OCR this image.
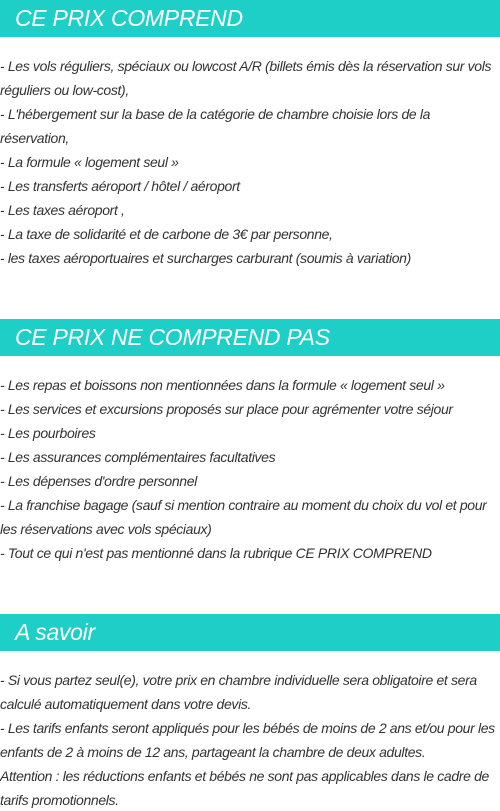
CE PRIX COMPREND
- Les vols réguliers, spéciaux ou lowcost A/R (billets émis dès la réservation sur vols réguliers ou low-cost),
- L'hébergement sur la base de la catégorie de chambre choisie lors de la réservation,
- La formule « logement seul »
- Les transferts aéroport / hôtel / aéroport
- Les taxes aéroport ,
- La taxe de solidarité et de carbone de 3€ par personne,
- les taxes aéroportuaires et surcharges carburant (soumis à variation)
CE PRIX NE COMPREND PAS
- Les repas et boissons non mentionnées dans la formule « logement seul »
- Les services et excursions proposés sur place pour agrémenter votre séjour
- Les pourboires
- Les assurances complémentaires facultatives
- Les dépenses d'ordre personnel
- La franchise bagage (sauf si mention contraire au moment du choix du vol et pour les réservations avec vols spéciaux)
- Tout ce qui n'est pas mentionné dans la rubrique CE PRIX COMPREND
A savoir
- Si vous partez seul(e), votre prix en chambre individuelle sera obligatoire et sera calculé automatiquement dans votre devis.
- Les tarifs enfants seront appliqués pour les bébés de moins de 2 ans et/ou pour les enfants de 2 à moins de 12 ans, partageant la chambre de deux adultes.
Attention : les réductions enfants et bébés ne sont pas applicables dans le cadre de tarifs promotionnels.
